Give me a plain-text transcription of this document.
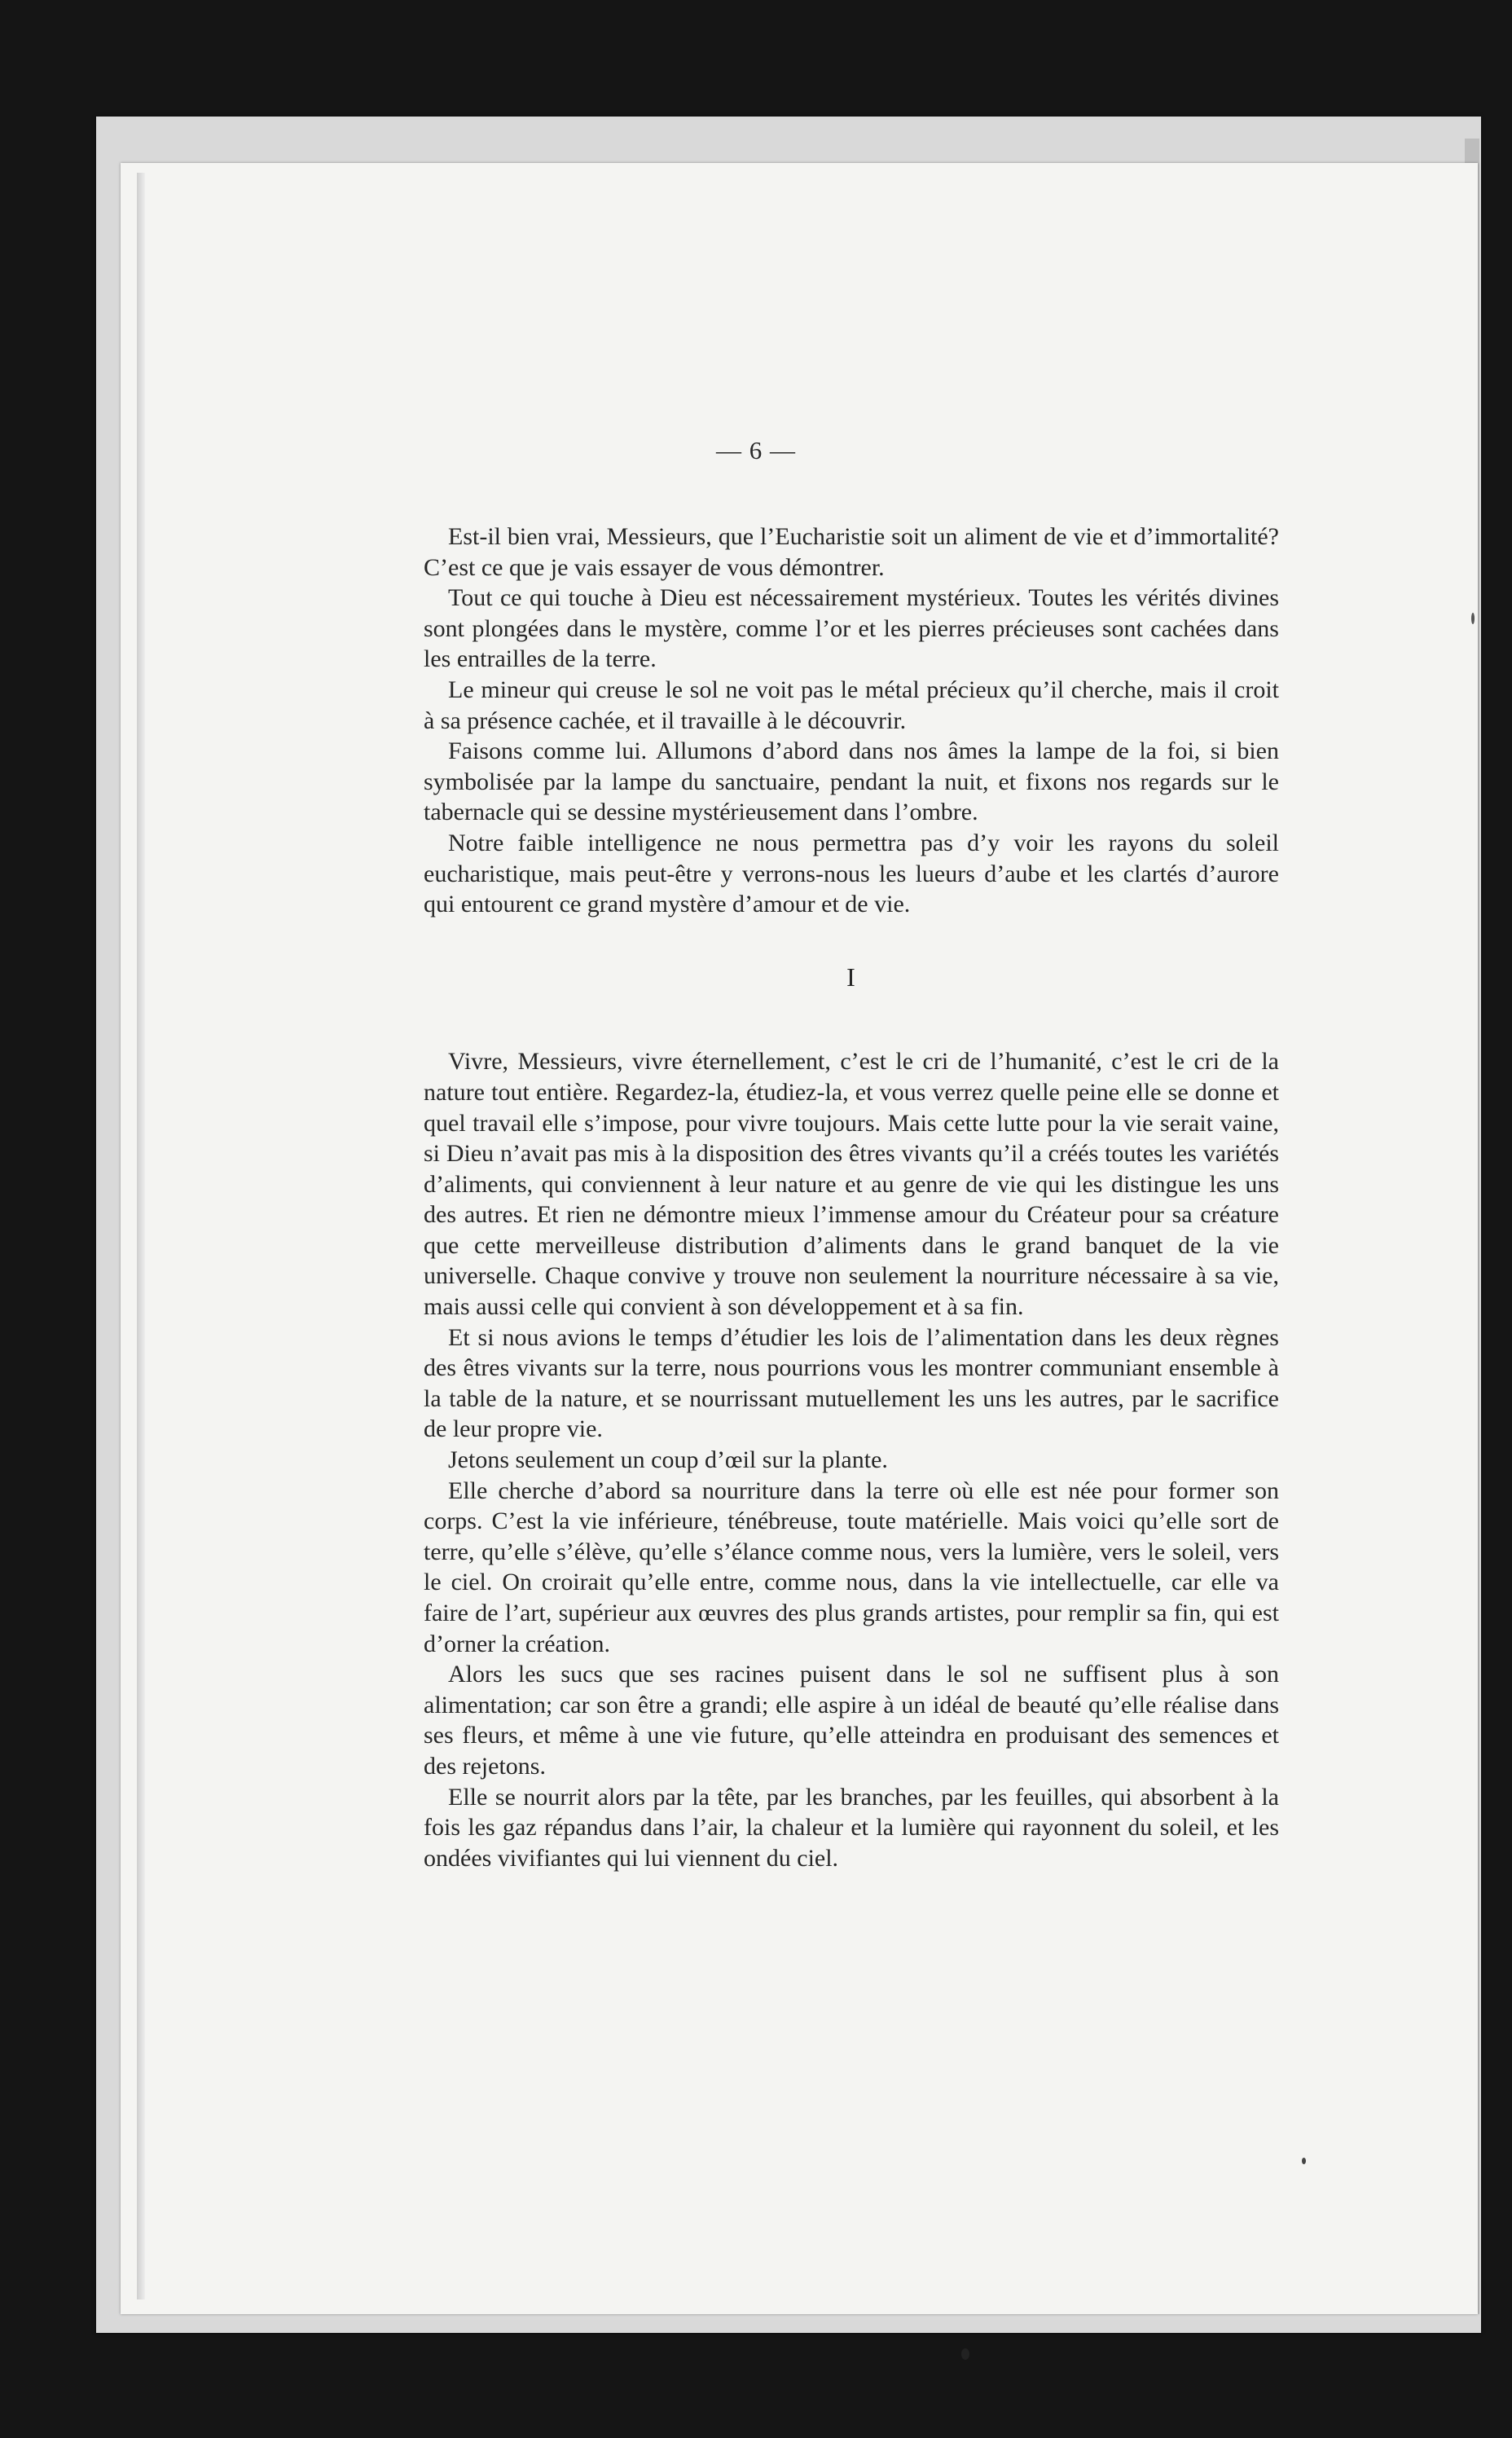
— 6 —

Est-il bien vrai, Messieurs, que l’Eucharistie soit un aliment de vie et d’immortalité? C’est ce que je vais essayer de vous démontrer.

Tout ce qui touche à Dieu est nécessairement mystérieux. Toutes les vérités divines sont plongées dans le mystère, comme l’or et les pierres précieuses sont cachées dans les entrailles de la terre.

Le mineur qui creuse le sol ne voit pas le métal précieux qu’il cherche, mais il croit à sa présence cachée, et il travaille à le découvrir.

Faisons comme lui. Allumons d’abord dans nos âmes la lampe de la foi, si bien symbolisée par la lampe du sanctuaire, pendant la nuit, et fixons nos regards sur le tabernacle qui se dessine mystérieusement dans l’ombre.

Notre faible intelligence ne nous permettra pas d’y voir les rayons du soleil eucharistique, mais peut-être y verrons-nous les lueurs d’aube et les clartés d’aurore qui entourent ce grand mystère d’amour et de vie.

I

Vivre, Messieurs, vivre éternellement, c’est le cri de l’humanité, c’est le cri de la nature tout entière. Regardez-la, étudiez-la, et vous verrez quelle peine elle se donne et quel travail elle s’impose, pour vivre toujours. Mais cette lutte pour la vie serait vaine, si Dieu n’avait pas mis à la disposition des êtres vivants qu’il a créés toutes les variétés d’aliments, qui conviennent à leur nature et au genre de vie qui les distingue les uns des autres. Et rien ne démontre mieux l’immense amour du Créateur pour sa créature que cette merveilleuse distribution d’aliments dans le grand banquet de la vie universelle. Chaque convive y trouve non seulement la nourriture nécessaire à sa vie, mais aussi celle qui convient à son développement et à sa fin.

Et si nous avions le temps d’étudier les lois de l’alimentation dans les deux règnes des êtres vivants sur la terre, nous pourrions vous les montrer communiant ensemble à la table de la nature, et se nourrissant mutuellement les uns les autres, par le sacrifice de leur propre vie.

Jetons seulement un coup d’œil sur la plante.

Elle cherche d’abord sa nourriture dans la terre où elle est née pour former son corps. C’est la vie inférieure, ténébreuse, toute matérielle. Mais voici qu’elle sort de terre, qu’elle s’élève, qu’elle s’élance comme nous, vers la lumière, vers le soleil, vers le ciel. On croirait qu’elle entre, comme nous, dans la vie intellectuelle, car elle va faire de l’art, supérieur aux œuvres des plus grands artistes, pour remplir sa fin, qui est d’orner la création.

Alors les sucs que ses racines puisent dans le sol ne suffisent plus à son alimentation; car son être a grandi; elle aspire à un idéal de beauté qu’elle réalise dans ses fleurs, et même à une vie future, qu’elle atteindra en produisant des semences et des rejetons.

Elle se nourrit alors par la tête, par les branches, par les feuilles, qui absorbent à la fois les gaz répandus dans l’air, la chaleur et la lumière qui rayonnent du soleil, et les ondées vivifiantes qui lui viennent du ciel.
